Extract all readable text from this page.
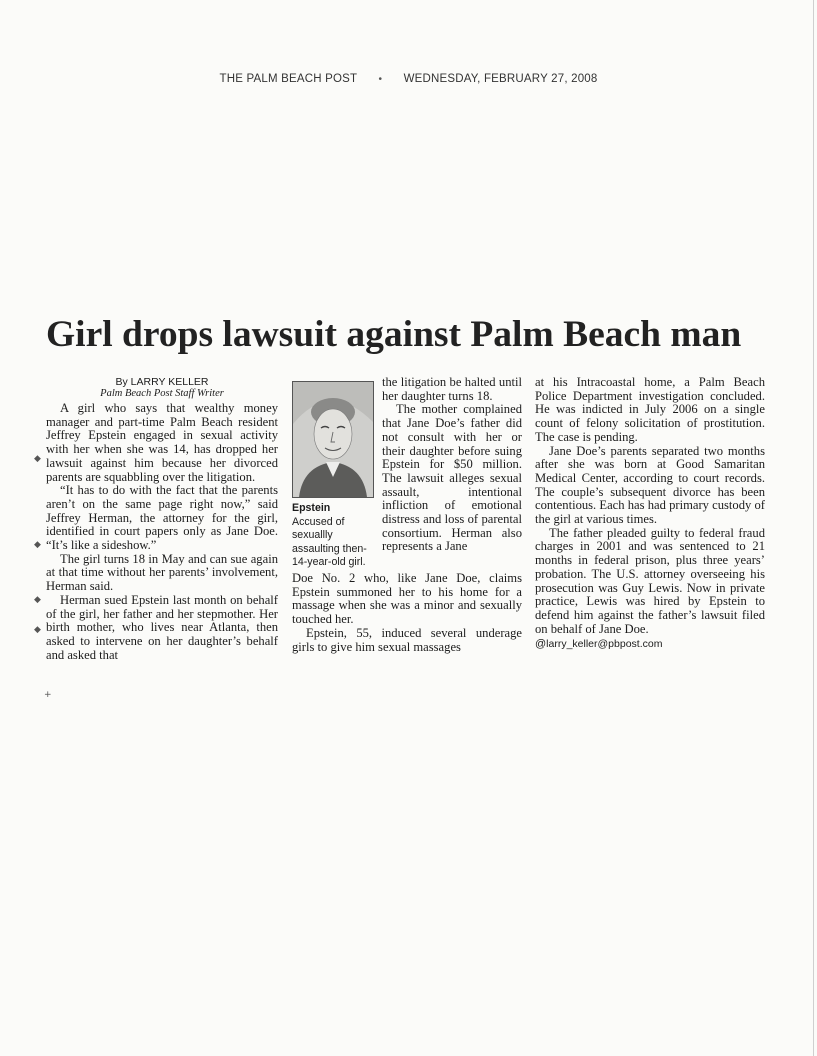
THE PALM BEACH POST • WEDNESDAY, FEBRUARY 27, 2008
Girl drops lawsuit against Palm Beach man
By LARRY KELLER
Palm Beach Post Staff Writer

A girl who says that wealthy money manager and part-time Palm Beach resident Jeffrey Epstein engaged in sexual activity with her when she was 14, has dropped her lawsuit against him because her divorced parents are squabbling over the litigation.

“It has to do with the fact that the parents aren’t on the same page right now,” said Jeffrey Herman, the attorney for the girl, identified in court papers only as Jane Doe. “It’s like a sideshow.”

The girl turns 18 in May and can sue again at that time without her parents’ involvement, Herman said.

Herman sued Epstein last month on behalf of the girl, her father and her stepmother. Her birth mother, who lives near Atlanta, then asked to intervene on her daughter’s behalf and asked that

Epstein
Accused of sexuallly assaulting then-14-year-old girl.

the litigation be halted until her daughter turns 18.

The mother complained that Jane Doe’s father did not consult with her or their daughter before suing Epstein for $50 million. The lawsuit alleges sexual assault, intentional infliction of emotional distress and loss of parental consortium. Herman also represents a Jane

Doe No. 2 who, like Jane Doe, claims Epstein summoned her to his home for a massage when she was a minor and sexually touched her.

Epstein, 55, induced several underage girls to give him sexual massages

at his Intracoastal home, a Palm Beach Police Department investigation concluded. He was indicted in July 2006 on a single count of felony solicitation of prostitution. The case is pending.

Jane Doe’s parents separated two months after she was born at Good Samaritan Medical Center, according to court records. The couple’s subsequent divorce has been contentious. Each has had primary custody of the girl at various times.

The father pleaded guilty to federal fraud charges in 2001 and was sentenced to 21 months in federal prison, plus three years’ probation. The U.S. attorney overseeing his prosecution was Guy Lewis. Now in private practice, Lewis was hired by Epstein to defend him against the father’s lawsuit filed on behalf of Jane Doe.

@larry_keller@pbpost.com
◆
◆
◆
◆
+
